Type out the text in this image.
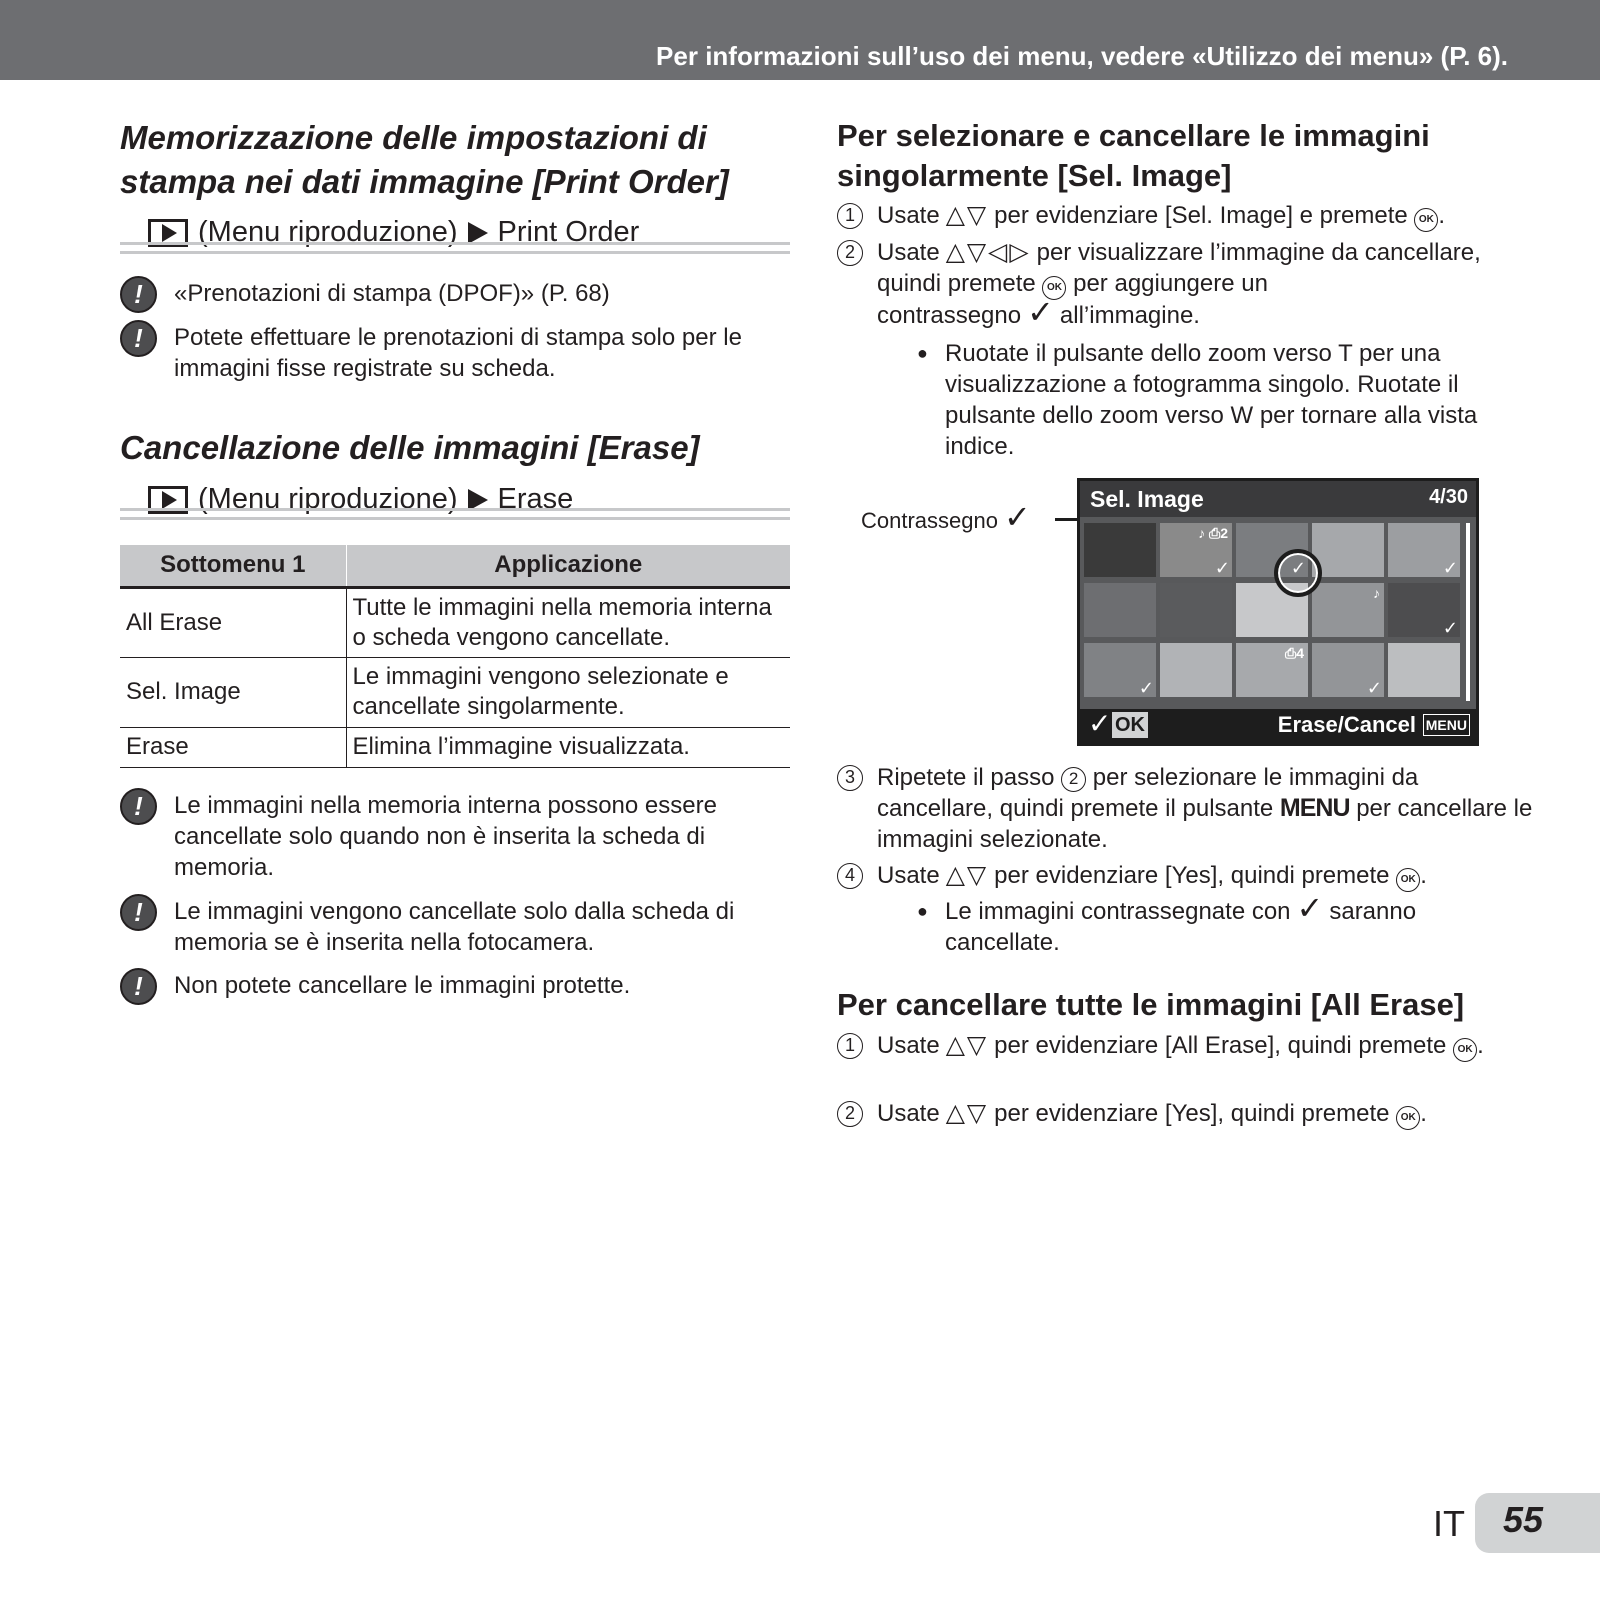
Per informazioni sull’uso dei menu, vedere «Utilizzo dei menu» (P. 6).
Memorizzazione delle impostazioni di
stampa nei dati immagine [Print Order]
(Menu riproduzione) Print Order
!	«Prenotazioni di stampa (DPOF)» (P. 68)
!	Potete effettuare le prenotazioni di stampa solo per le immagini fisse registrate su scheda.
Cancellazione delle immagini [Erase]
(Menu riproduzione) Erase
Sottomenu 1	Applicazione
All Erase	Tutte le immagini nella memoria interna o scheda vengono cancellate.
Sel. Image	Le immagini vengono selezionate e cancellate singolarmente.
Erase	Elimina l’immagine visualizzata.
!	Le immagini nella memoria interna possono essere cancellate solo quando non è inserita la scheda di memoria.
!	Le immagini vengono cancellate solo dalla scheda di memoria se è inserita nella fotocamera.
!	Non potete cancellare le immagini protette.
Per selezionare e cancellare le immagini
singolarmente [Sel. Image]
1 Usate △▽ per evidenziare [Sel. Image] e premete OK .
2 Usate △▽◁▷ per visualizzare l’immagine da cancellare, quindi premete OK per aggiungere un contrassegno ✓ all’immagine.
● Ruotate il pulsante dello zoom verso T per una visualizzazione a fotogramma singolo. Ruotate il pulsante dello zoom verso W per tornare alla vista indice.
Contrassegno ✓	Sel. Image	4/30
♪ ⎙2
✓	✓	✓
♪
✓
✓
⎙4
✓
✓ OK	Erase/Cancel MENU
3 Ripetete il passo 2 per selezionare le immagini da cancellare, quindi premete il pulsante MENU per cancellare le immagini selezionate.
4 Usate △▽ per evidenziare [Yes], quindi premete OK .
● Le immagini contrassegnate con ✓ saranno cancellate.
Per cancellare tutte le immagini [All Erase]
1 Usate △▽ per evidenziare [All Erase], quindi premete OK .
2 Usate △▽ per evidenziare [Yes], quindi premete OK .
IT 55
